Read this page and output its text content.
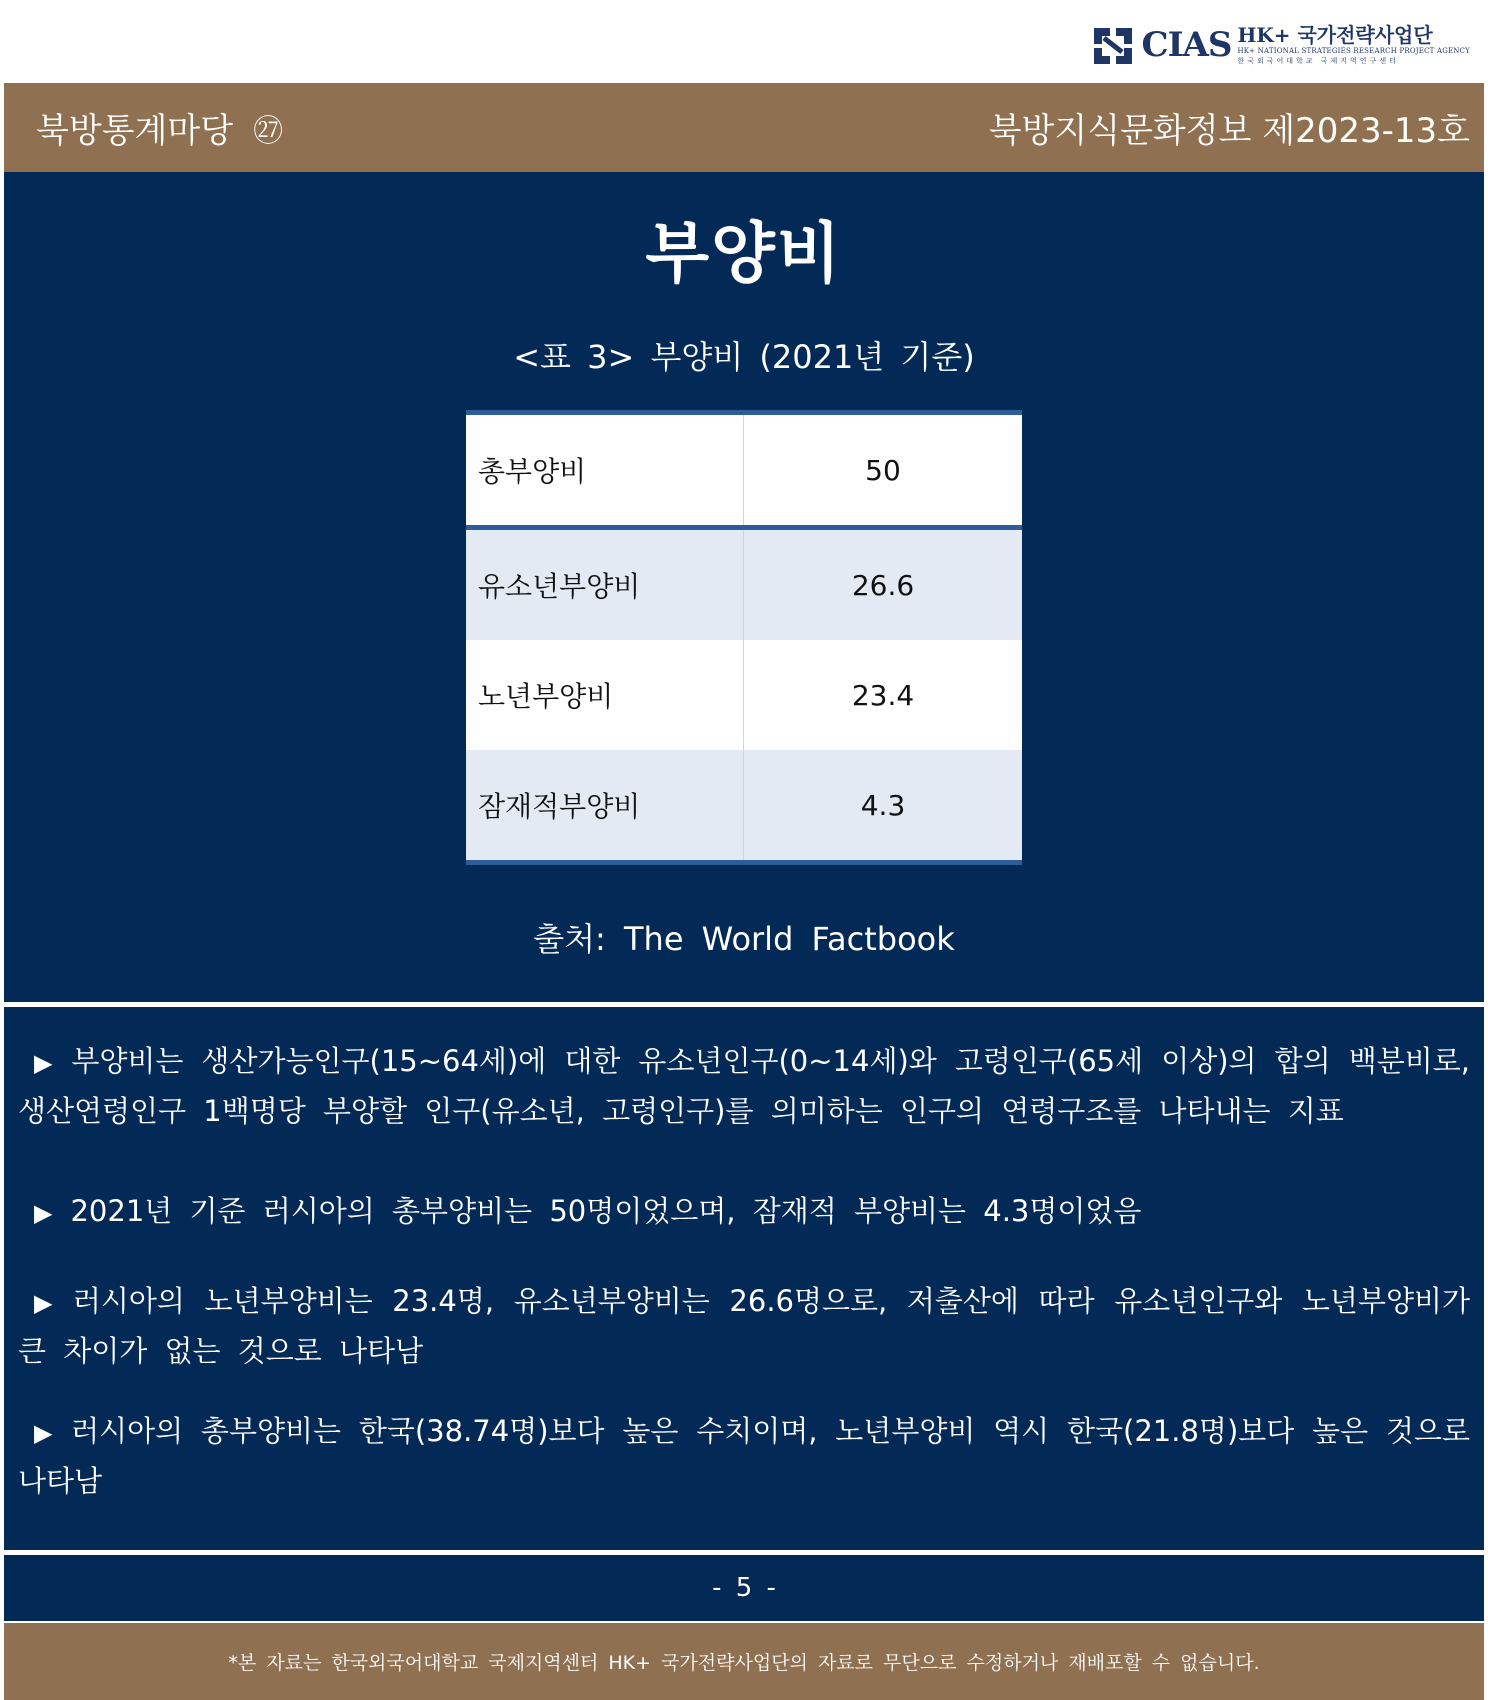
CIAS HK+ 국가전략사업단
HK+ NATIONAL STRATEGIES RESEARCH PROJECT AGENCY
한국외국어대학교 국제지역연구센터
북방통계마당 ㉗	북방지식문화정보 제2023-13호
부양비
<표 3> 부양비 (2021년 기준)
총부양비	50
유소년부양비	26.6
노년부양비	23.4
잠재적부양비	4.3
출처: The World Factbook
▶ 부양비는 생산가능인구(15~64세)에 대한 유소년인구(0~14세)와 고령인구(65세 이상)의 합의 백분비로, 생산연령인구 1백명당 부양할 인구(유소년, 고령인구)를 의미하는 인구의 연령구조를 나타내는 지표
▶ 2021년 기준 러시아의 총부양비는 50명이었으며, 잠재적 부양비는 4.3명이었음
▶ 러시아의 노년부양비는 23.4명, 유소년부양비는 26.6명으로, 저출산에 따라 유소년인구와 노년부양비가 큰 차이가 없는 것으로 나타남
▶ 러시아의 총부양비는 한국(38.74명)보다 높은 수치이며, 노년부양비 역시 한국(21.8명)보다 높은 것으로 나타남
- 5 -
*본 자료는 한국외국어대학교 국제지역센터 HK+ 국가전략사업단의 자료로 무단으로 수정하거나 재배포할 수 없습니다.
